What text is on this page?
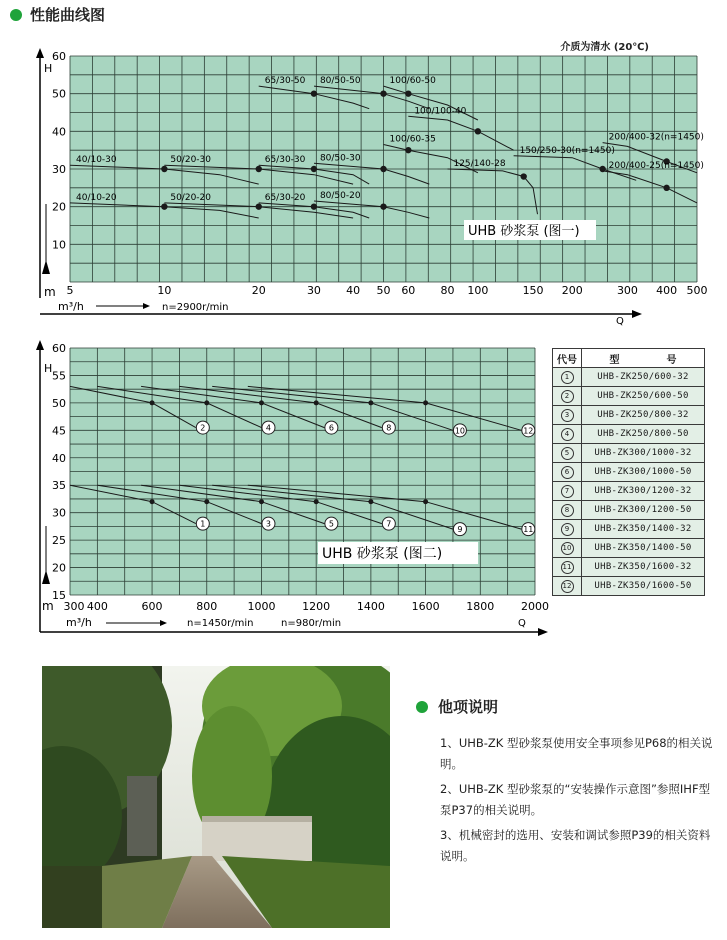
性能曲线图
介质为清水 (20℃)
10
20
30
40
50
60
5	10	20	30 40 50 60 80 100	150 200	300 400 500
H
m
m³/h	n=2900r/min
Q
UHB 砂浆泵 (图一)
65/30-50 80/50-50	100/60-50
100/100-40
100/60-35
125/140-28
150/250-30(n=1450)
200/400-32(n=1450)
200/400-25(n=1450)
40/10-30	50/20-30	65/30-30 80/50-30
40/10-20	50/20-20	65/30-20 80/50-20
15
20
25
30
35
40
45
50
55
60
300 400	600	800	1000 1200 1400 1600 1800 2000
H
m
m³/h	n=1450r/min	n=980r/min	Q
UHB 砂浆泵 (图二)
1
2
3
4
5
6
7
8
9
10
11
12
代号	型 号
1	UHB-ZK250/600-32
2	UHB-ZK250/600-50
3	UHB-ZK250/800-32
4	UHB-ZK250/800-50
5	UHB-ZK300/1000-32
6	UHB-ZK300/1000-50
7	UHB-ZK300/1200-32
8	UHB-ZK300/1200-50
9	UHB-ZK350/1400-32
10	UHB-ZK350/1400-50
11	UHB-ZK350/1600-32
12	UHB-ZK350/1600-50
他项说明
1、UHB-ZK 型砂浆泵使用安全事项参见P68的相关说明。
2、UHB-ZK 型砂浆泵的“安装操作示意图”参照IHF型泵P37的相关说明。
3、机械密封的选用、安装和调试参照P39的相关资料说明。
